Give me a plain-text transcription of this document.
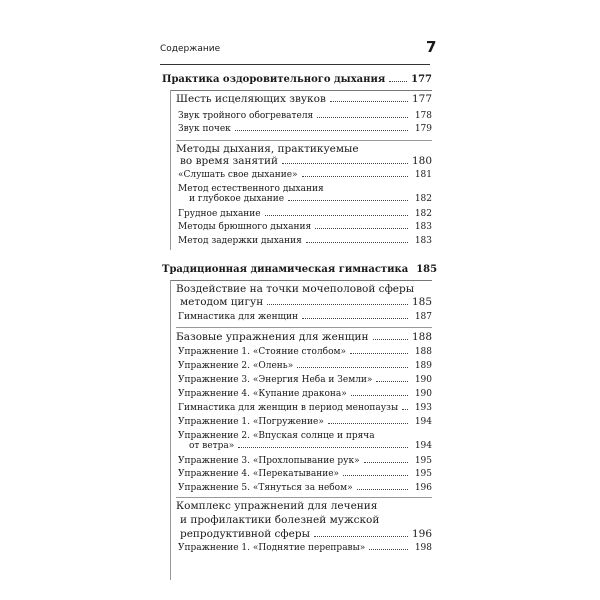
Содержание	7
Практика оздоровительного дыхания	177
Шесть исцеляющих звуков	177
Звук тройного обогревателя	178
Звук почек	179
Методы дыхания, практикуемые
во время занятий	180
«Слушать свое дыхание»	181
Метод естественного дыхания
и глубокое дыхание	182
Грудное дыхание	182
Методы брюшного дыхания	183
Метод задержки дыхания	183
Традиционная динамическая гимнастика 185
Воздействие на точки мочеполовой сферы
методом цигун	185
Гимнастика для женщин	187
Базовые упражнения для женщин	188
Упражнение 1. «Стояние столбом»	188
Упражнение 2. «Олень»	189
Упражнение 3. «Энергия Неба и Земли»	190
Упражнение 4. «Купание дракона»	190
Гимнастика для женщин в период менопаузы	193
Упражнение 1. «Погружение»	194
Упражнение 2. «Впуская солнце и пряча
от ветра»	194
Упражнение 3. «Прохлопывание рук»	195
Упражнение 4. «Перекатывание»	195
Упражнение 5. «Тянуться за небом»	196
Комплекс упражнений для лечения
и профилактики болезней мужской
репродуктивной сферы	196
Упражнение 1. «Поднятие переправы»	198
